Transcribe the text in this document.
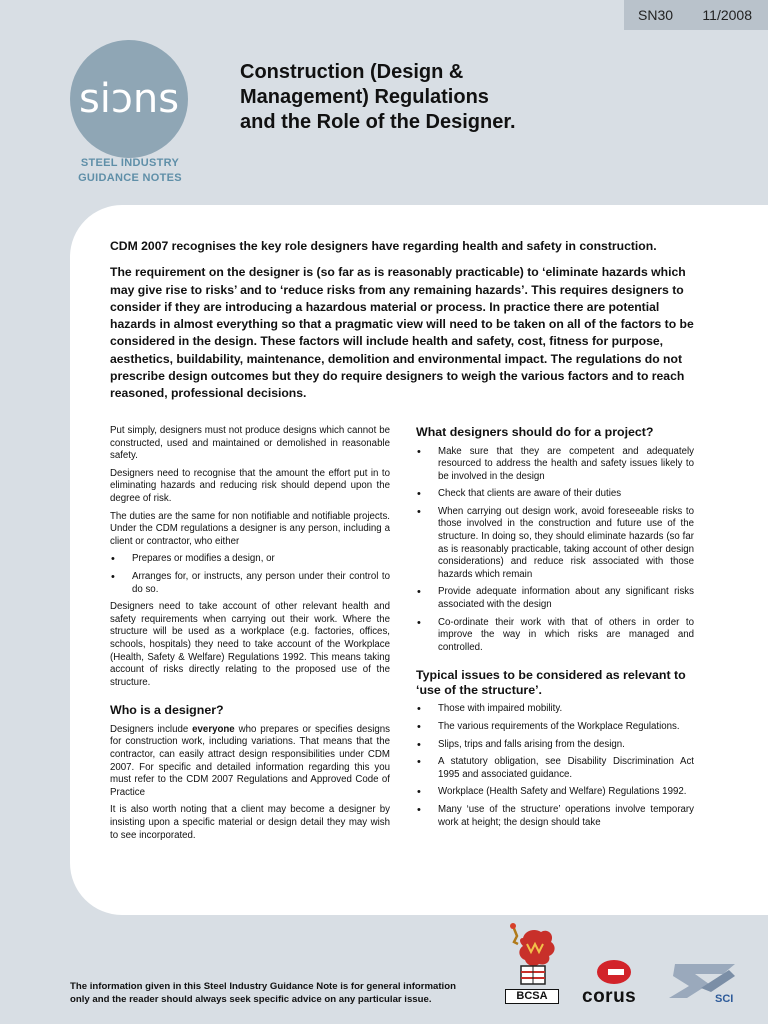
SN30 11/2008
siɔns
STEEL INDUSTRY
GUIDANCE NOTES
Construction (Design &
Management) Regulations
and the Role of the Designer.

CDM 2007 recognises the key role designers have regarding health and safety in construction.

The requirement on the designer is (so far as is reasonably practicable) to ‘eliminate hazards which may give rise to risks’ and to ‘reduce risks from any remaining hazards’. This requires designers to consider if they are introducing a hazardous material or process. In practice there are potential hazards in almost everything so that a pragmatic view will need to be taken on all of the factors to be considered in the design. These factors will include health and safety, cost, fitness for purpose, aesthetics, buildability, maintenance, demolition and environmental impact. The regulations do not prescribe design outcomes but they do require designers to weigh the various factors and to reach reasoned, professional decisions.

Put simply, designers must not produce designs which cannot be constructed, used and maintained or demolished in reasonable safety.

Designers need to recognise that the amount the effort put in to eliminating hazards and reducing risk should depend upon the degree of risk.

The duties are the same for non notifiable and notifiable projects. Under the CDM regulations a designer is any person, including a client or contractor, who either

• Prepares or modifies a design, or
• Arranges for, or instructs, any person under their control to do so.

Designers need to take account of other relevant health and safety requirements when carrying out their work. Where the structure will be used as a workplace (e.g. factories, offices, schools, hospitals) they need to take account of the Workplace (Health, Safety & Welfare) Regulations 1992. This means taking account of risks directly relating to the proposed use of the structure.

Who is a designer?

Designers include everyone who prepares or specifies designs for construction work, including variations. That means that the contractor, can easily attract design responsibilities under CDM 2007. For specific and detailed information regarding this you must refer to the CDM 2007 Regulations and Approved Code of Practice

It is also worth noting that a client may become a designer by insisting upon a specific material or design detail they may wish to see incorporated.

What designers should do for a project?
• Make sure that they are competent and adequately resourced to address the health and safety issues likely to be involved in the design
• Check that clients are aware of their duties
• When carrying out design work, avoid foreseeable risks to those involved in the construction and future use of the structure. In doing so, they should eliminate hazards (so far as is reasonably practicable, taking account of other design considerations) and reduce risk associated with those hazards which remain
• Provide adequate information about any significant risks associated with the design
• Co-ordinate their work with that of others in order to improve the way in which risks are managed and controlled.
Typical issues to be considered as relevant to ‘use of the structure’.
• Those with impaired mobility.
• The various requirements of the Workplace Regulations.
• Slips, trips and falls arising from the design.
• A statutory obligation, see Disability Discrimination Act 1995 and associated guidance.
• Workplace (Health Safety and Welfare) Regulations 1992.
• Many ‘use of the structure’ operations involve temporary work at height; the design should take
The information given in this Steel Industry Guidance Note is for general information
only and the reader should always seek specific advice on any particular issue.	BCSA	corus	SCI
